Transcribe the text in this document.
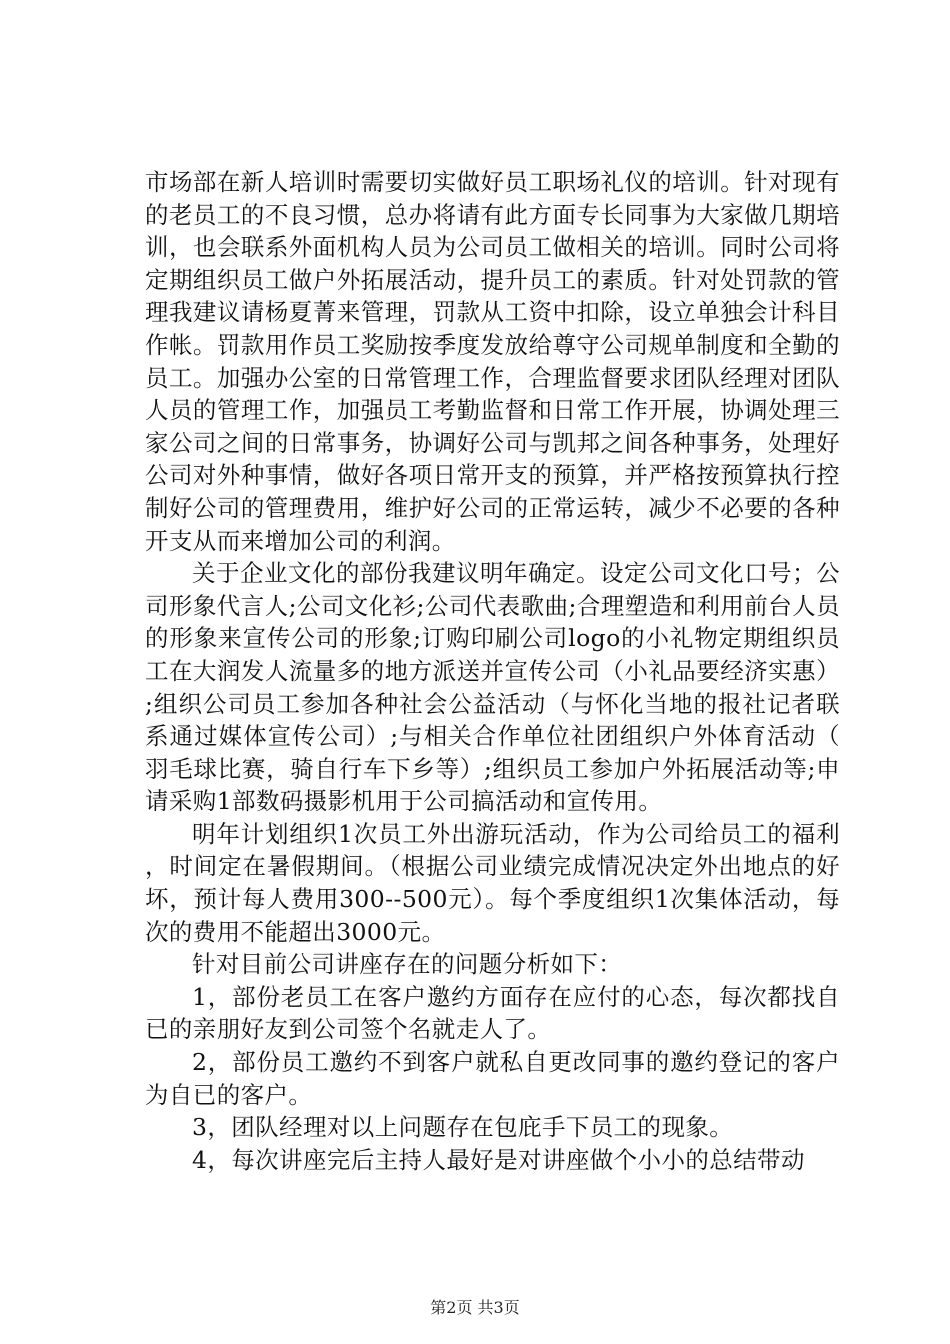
市场部在新人培训时需要切实做好员工职场礼仪的培训。针对现有的老员工的不良习惯，总办将请有此方面专长同事为大家做几期培训，也会联系外面机构人员为公司员工做相关的培训。同时公司将定期组织员工做户外拓展活动，提升员工的素质。针对处罚款的管理我建议请杨夏菁来管理，罚款从工资中扣除，设立单独会计科目作帐。罚款用作员工奖励按季度发放给尊守公司规单制度和全勤的员工。加强办公室的日常管理工作，合理监督要求团队经理对团队人员的管理工作，加强员工考勤监督和日常工作开展，协调处理三家公司之间的日常事务，协调好公司与凯邦之间各种事务，处理好公司对外种事情，做好各项日常开支的预算，并严格按预算执行控制好公司的管理费用，维护好公司的正常运转，减少不必要的各种开支从而来增加公司的利润。

关于企业文化的部份我建议明年确定。设定公司文化口号；公司形象代言人;公司文化衫;公司代表歌曲;合理塑造和利用前台人员的形象来宣传公司的形象;订购印刷公司logo的小礼物定期组织员工在大润发人流量多的地方派送并宣传公司（小礼品要经济实惠）;组织公司员工参加各种社会公益活动（与怀化当地的报社记者联系通过媒体宣传公司）;与相关合作单位社团组织户外体育活动（羽毛球比赛，骑自行车下乡等）;组织员工参加户外拓展活动等;申请采购1部数码摄影机用于公司搞活动和宣传用。

明年计划组织1次员工外出游玩活动，作为公司给员工的福利，时间定在暑假期间。（根据公司业绩完成情况决定外出地点的好坏，预计每人费用300--500元）。每个季度组织1次集体活动，每次的费用不能超出3000元。

针对目前公司讲座存在的问题分析如下：

1，部份老员工在客户邀约方面存在应付的心态，每次都找自已的亲朋好友到公司签个名就走人了。

2，部份员工邀约不到客户就私自更改同事的邀约登记的客户为自已的客户。

3，团队经理对以上问题存在包庇手下员工的现象。

4，每次讲座完后主持人最好是对讲座做个小小的总结带动

第2页 共3页
